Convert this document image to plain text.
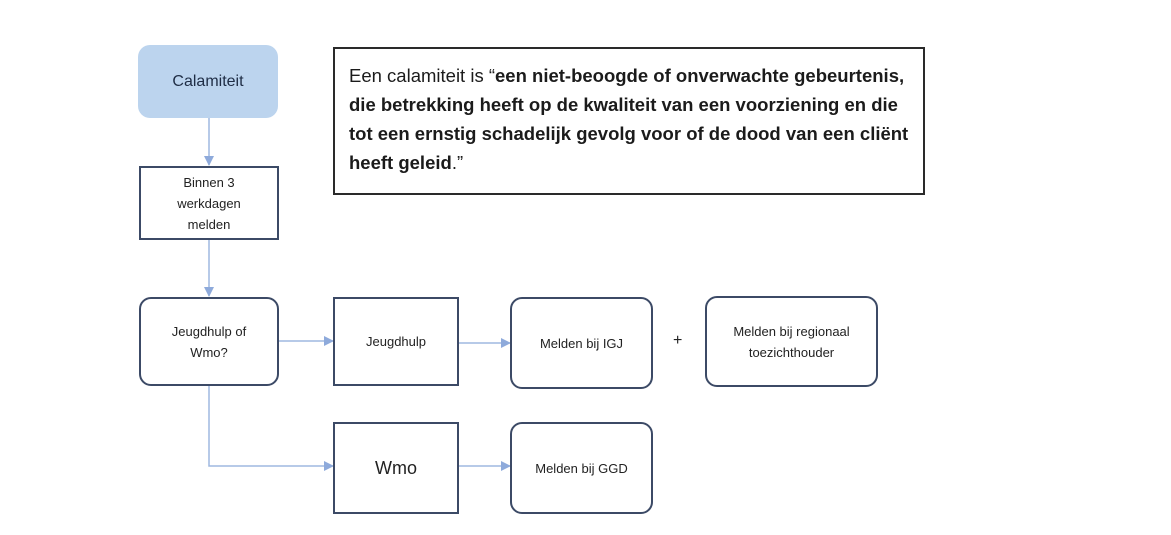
Calamiteit
Binnen 3
werkdagen
melden
Jeugdhulp of
Wmo?
Jeugdhulp	Melden bij IGJ	+
Melden bij regionaal
toezichthouder
Wmo	Melden bij GGD
Een calamiteit is “een niet-beoogde of onverwachte gebeurtenis, die betrekking heeft op de kwaliteit van een voorziening en die tot een ernstig schadelijk gevolg voor of de dood van een cliënt heeft geleid.”
